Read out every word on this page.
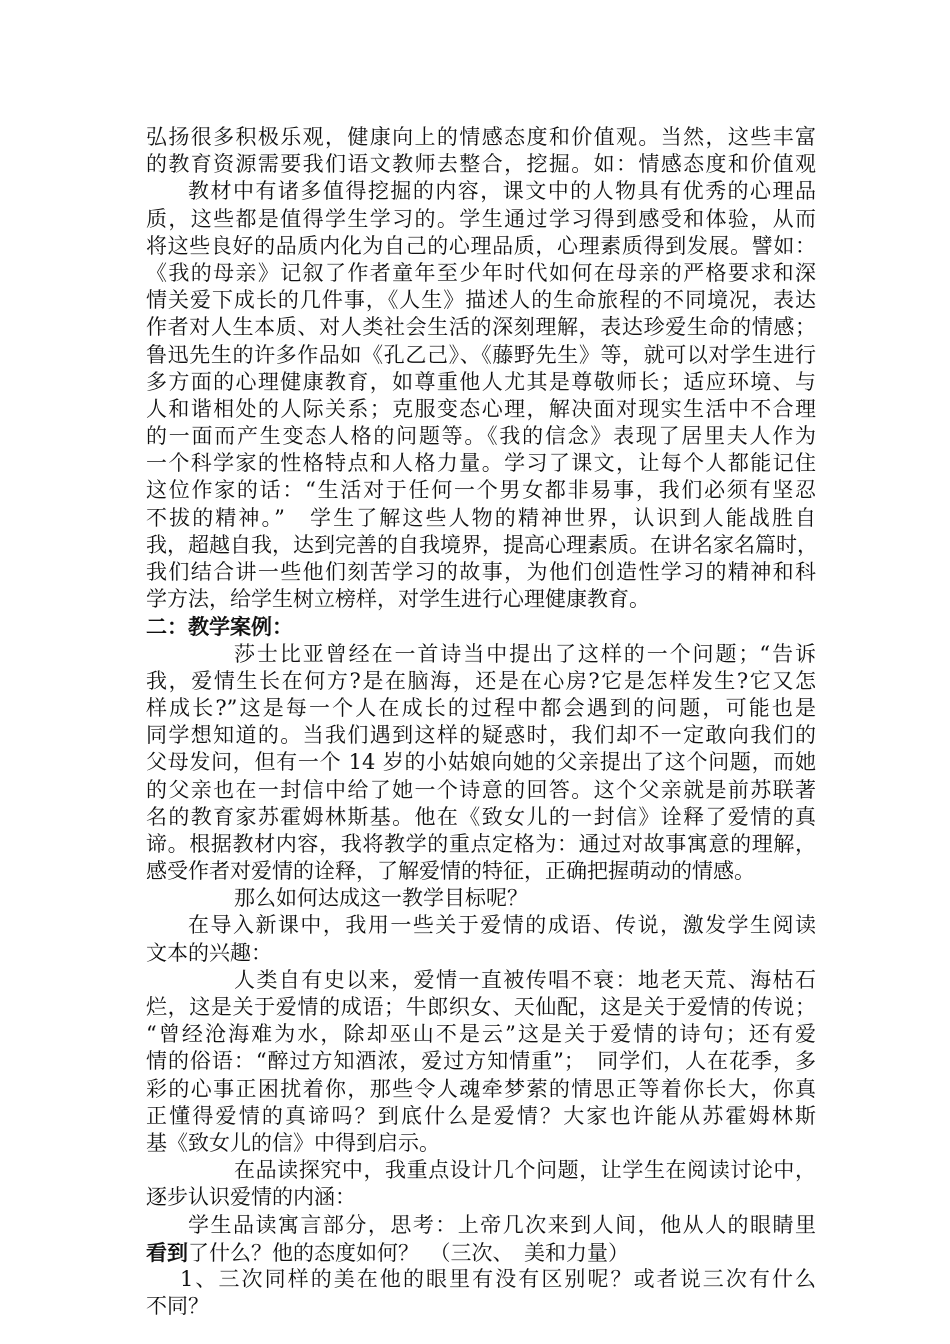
弘扬很多积极乐观，健康向上的情感态度和价值观。当然，这些丰富
的教育资源需要我们语文教师去整合，挖掘。如：情感态度和价值观
教材中有诸多值得挖掘的内容，课文中的人物具有优秀的心理品
质，这些都是值得学生学习的。学生通过学习得到感受和体验，从而
将这些良好的品质内化为自己的心理品质，心理素质得到发展。譬如：
《我的母亲》记叙了作者童年至少年时代如何在母亲的严格要求和深
情关爱下成长的几件事，《人生》描述人的生命旅程的不同境况，表达
作者对人生本质、对人类社会生活的深刻理解，表达珍爱生命的情感；
鲁迅先生的许多作品如《孔乙己》、《藤野先生》等，就可以对学生进行
多方面的心理健康教育，如尊重他人尤其是尊敬师长；适应环境、与
人和谐相处的人际关系；克服变态心理，解决面对现实生活中不合理
的一面而产生变态人格的问题等。《我的信念》表现了居里夫人作为
一个科学家的性格特点和人格力量。学习了课文，让每个人都能记住
这位作家的话：“生活对于任何一个男女都非易事，我们必须有坚忍
不拔的精神。”　学生了解这些人物的精神世界，认识到人能战胜自
我，超越自我，达到完善的自我境界，提高心理素质。在讲名家名篇时，
我们结合讲一些他们刻苦学习的故事，为他们创造性学习的精神和科
学方法，给学生树立榜样，对学生进行心理健康教育。
二：教学案例：
莎士比亚曾经在一首诗当中提出了这样的一个问题；“告诉
我，爱情生长在何方?是在脑海，还是在心房?它是怎样发生?它又怎
样成长?”这是每一个人在成长的过程中都会遇到的问题，可能也是
同学想知道的。当我们遇到这样的疑惑时，我们却不一定敢向我们的
父母发问，但有一个 14 岁的小姑娘向她的父亲提出了这个问题，而她
的父亲也在一封信中给了她一个诗意的回答。这个父亲就是前苏联著
名的教育家苏霍姆林斯基。他在《致女儿的一封信》诠释了爱情的真
谛。根据教材内容，我将教学的重点定格为：通过对故事寓意的理解，
感受作者对爱情的诠释，了解爱情的特征，正确把握萌动的情感。
那么如何达成这一教学目标呢？
在导入新课中，我用一些关于爱情的成语、传说，激发学生阅读
文本的兴趣：
人类自有史以来，爱情一直被传唱不衰：地老天荒、海枯石
烂，这是关于爱情的成语；牛郎织女、天仙配，这是关于爱情的传说；
“曾经沧海难为水，除却巫山不是云”这是关于爱情的诗句；还有爱
情的俗语：“醉过方知酒浓，爱过方知情重”；　同学们，人在花季，多
彩的心事正困扰着你，那些令人魂牵梦萦的情思正等着你长大，你真
正懂得爱情的真谛吗？到底什么是爱情？大家也许能从苏霍姆林斯
基《致女儿的信》中得到启示。
在品读探究中，我重点设计几个问题，让学生在阅读讨论中，
逐步认识爱情的内涵：
学生品读寓言部分，思考：上帝几次来到人间，他从人的眼睛里
看到了什么？他的态度如何？　（三次、　美和力量）
1、三次同样的美在他的眼里有没有区别呢？或者说三次有什么
不同？
